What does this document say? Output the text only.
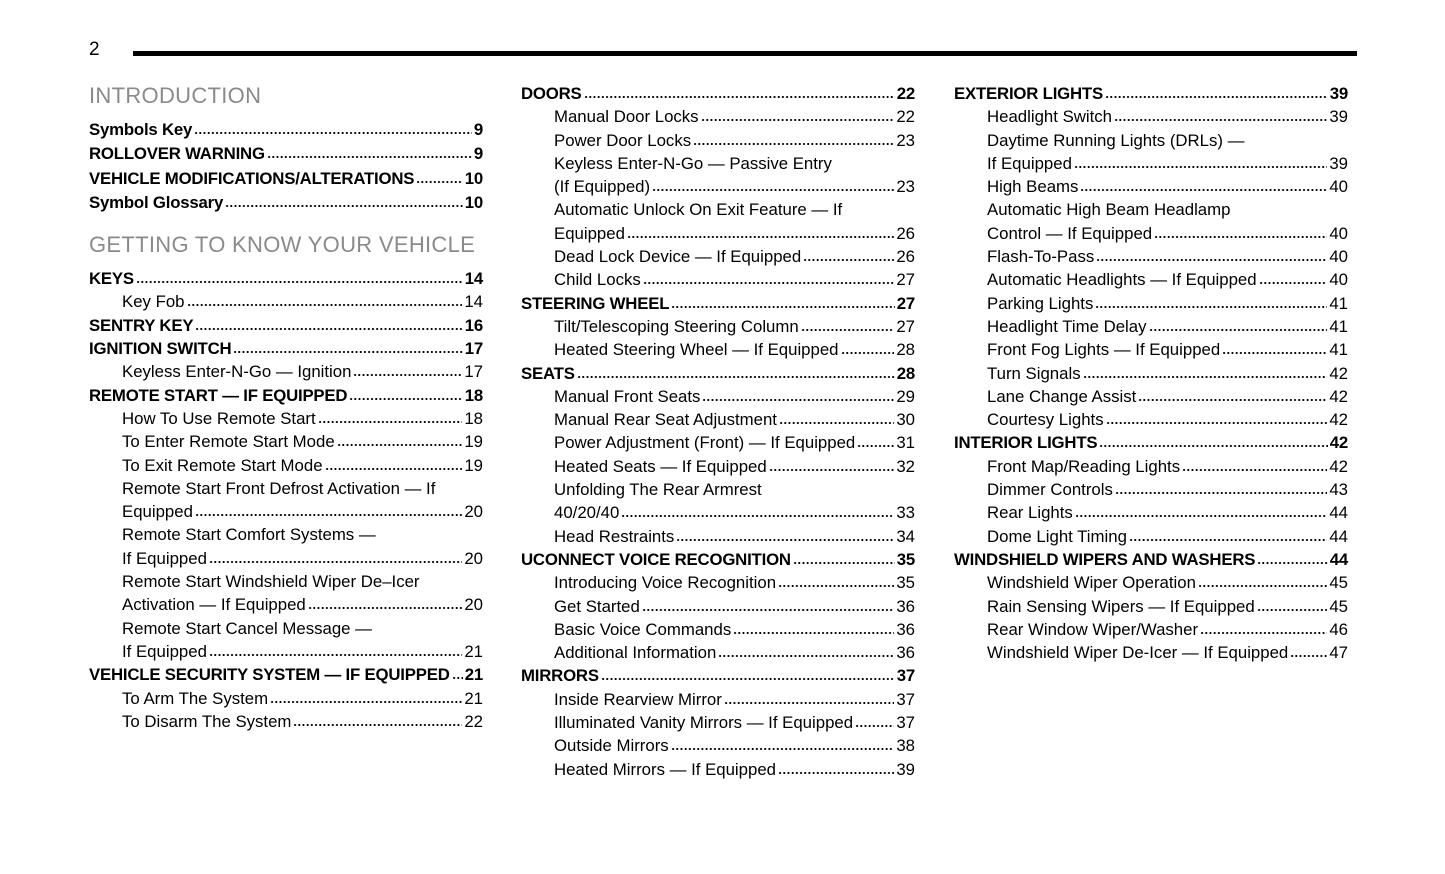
2
INTRODUCTION
Symbols Key	9
ROLLOVER WARNING	9
VEHICLE MODIFICATIONS/ALTERATIONS	10
Symbol Glossary	10
GETTING TO KNOW YOUR VEHICLE
KEYS	14
Key Fob	14
SENTRY KEY	16
IGNITION SWITCH	17
Keyless Enter-N-Go — Ignition	17
REMOTE START — IF EQUIPPED	18
How To Use Remote Start	18
To Enter Remote Start Mode	19
To Exit Remote Start Mode	19
Remote Start Front Defrost Activation — If
Equipped	20
Remote Start Comfort Systems —
If Equipped	20
Remote Start Windshield Wiper De–Icer
Activation — If Equipped	20
Remote Start Cancel Message —
If Equipped	21
VEHICLE SECURITY SYSTEM — IF EQUIPPED 21
To Arm The System	21
To Disarm The System	22
DOORS	22
Manual Door Locks	22
Power Door Locks	23
Keyless Enter-N-Go — Passive Entry
(If Equipped)	23
Automatic Unlock On Exit Feature — If
Equipped	26
Dead Lock Device — If Equipped	26
Child Locks	27
STEERING WHEEL	27
Tilt/Telescoping Steering Column	27
Heated Steering Wheel — If Equipped	28
SEATS	28
Manual Front Seats	29
Manual Rear Seat Adjustment	30
Power Adjustment (Front) — If Equipped 31
Heated Seats — If Equipped	32
Unfolding The Rear Armrest
40/20/40	33
Head Restraints	34
UCONNECT VOICE RECOGNITION	35
Introducing Voice Recognition	35
Get Started	36
Basic Voice Commands	36
Additional Information	36
MIRRORS	37
Inside Rearview Mirror	37
Illuminated Vanity Mirrors — If Equipped	37
Outside Mirrors	38
Heated Mirrors — If Equipped	39
EXTERIOR LIGHTS	39
Headlight Switch	39
Daytime Running Lights (DRLs) —
If Equipped	39
High Beams	40
Automatic High Beam Headlamp
Control — If Equipped	40
Flash-To-Pass	40
Automatic Headlights — If Equipped	40
Parking Lights	41
Headlight Time Delay	41
Front Fog Lights — If Equipped	41
Turn Signals	42
Lane Change Assist	42
Courtesy Lights	42
INTERIOR LIGHTS	42
Front Map/Reading Lights	42
Dimmer Controls	43
Rear Lights	44
Dome Light Timing	44
WINDSHIELD WIPERS AND WASHERS	44
Windshield Wiper Operation	45
Rain Sensing Wipers — If Equipped	45
Rear Window Wiper/Washer	46
Windshield Wiper De-Icer — If Equipped 47
